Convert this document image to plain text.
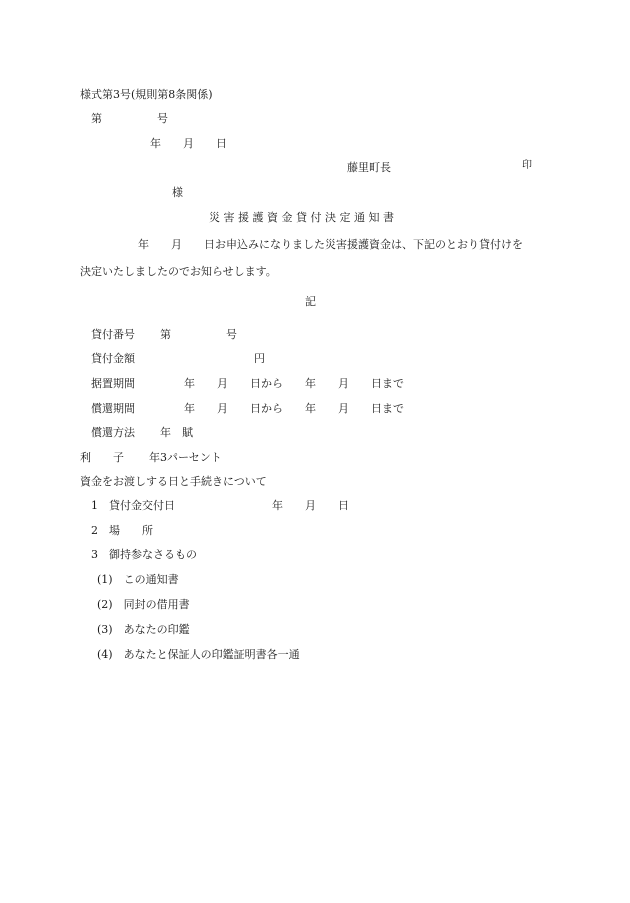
様式第3号(規則第8条関係)
第　　　　　号
年　　月　　日
藤里町長	印
様
災害援護資金貸付決定通知書
年　　月　　日お申込みになりました災害援護資金は、下記のとおり貸付けを
決定いたしましたのでお知らせします。
記
貸付番号 第　　　　　号
貸付金額	円
据置期間	年　　月　　日から　　年　　月　　日まで
償還期間	年　　月　　日から　　年　　月　　日まで
償還方法 年　賦
利　　子 年3パーセント
資金をお渡しする日と手続きについて
1　貸付金交付日	年　　月　　日
2　場　　所
3　御持参なさるもの
(1)　この通知書
(2)　同封の借用書
(3)　あなたの印鑑
(4)　あなたと保証人の印鑑証明書各一通
